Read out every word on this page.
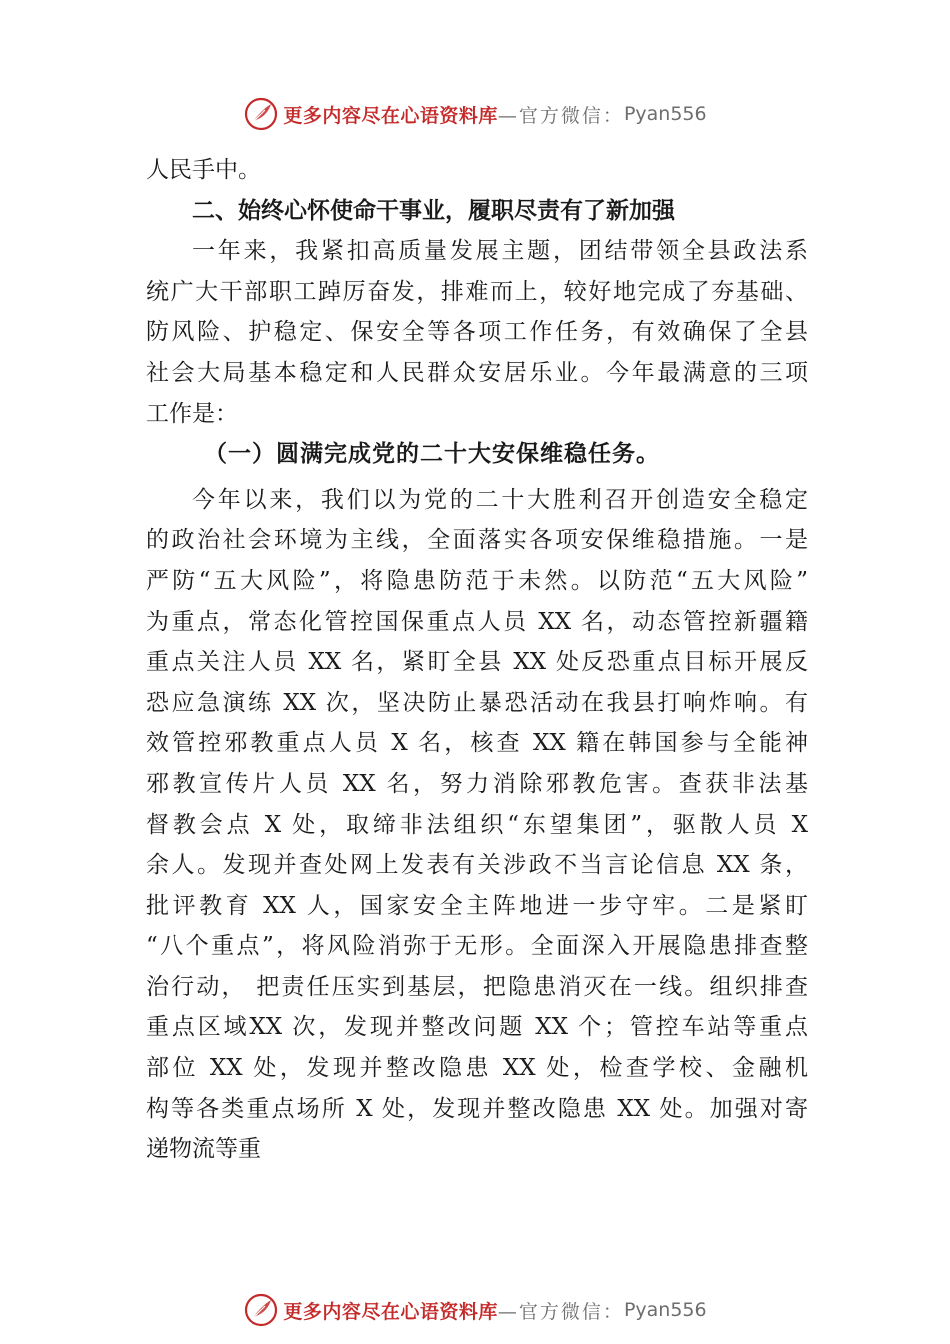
更多内容尽在心语资料库 —官方微信： Pyan556
人民手中。
二、始终心怀使命干事业，履职尽责有了新加强
一年来，我紧扣高质量发展主题，团结带领全县政法系
统广大干部职工踔厉奋发，排难而上，较好地完成了夯基础、
防风险、护稳定、保安全等各项工作任务，有效确保了全县
社会大局基本稳定和人民群众安居乐业。今年最满意的三项
工作是：
（一）圆满完成党的二十大安保维稳任务。
今年以来，我们以为党的二十大胜利召开创造安全稳定
的政治社会环境为主线，全面落实各项安保维稳措施。一是
严防“五大风险”，将隐患防范于未然。以防范“五大风险”
为重点，常态化管控国保重点人员 XX 名，动态管控新疆籍
重点关注人员 XX 名，紧盯全县 XX 处反恐重点目标开展反
恐应急演练 XX 次，坚决防止暴恐活动在我县打响炸响。有
效管控邪教重点人员 X 名，核查 XX 籍在韩国参与全能神
邪教宣传片人员 XX 名，努力消除邪教危害。查获非法基
督教会点 X 处，取缔非法组织“东望集团”，驱散人员 X
余人。发现并查处网上发表有关涉政不当言论信息 XX 条，
批评教育 XX 人，国家安全主阵地进一步守牢。二是紧盯
“八个重点”，将风险消弥于无形。全面深入开展隐患排查整
治行动， 把责任压实到基层，把隐患消灭在一线。组织排查
重点区域XX 次，发现并整改问题 XX 个；管控车站等重点
部位 XX 处，发现并整改隐患 XX 处，检查学校、金融机
构等各类重点场所 X 处，发现并整改隐患 XX 处。加强对寄
递物流等重
更多内容尽在心语资料库 —官方微信： Pyan556
